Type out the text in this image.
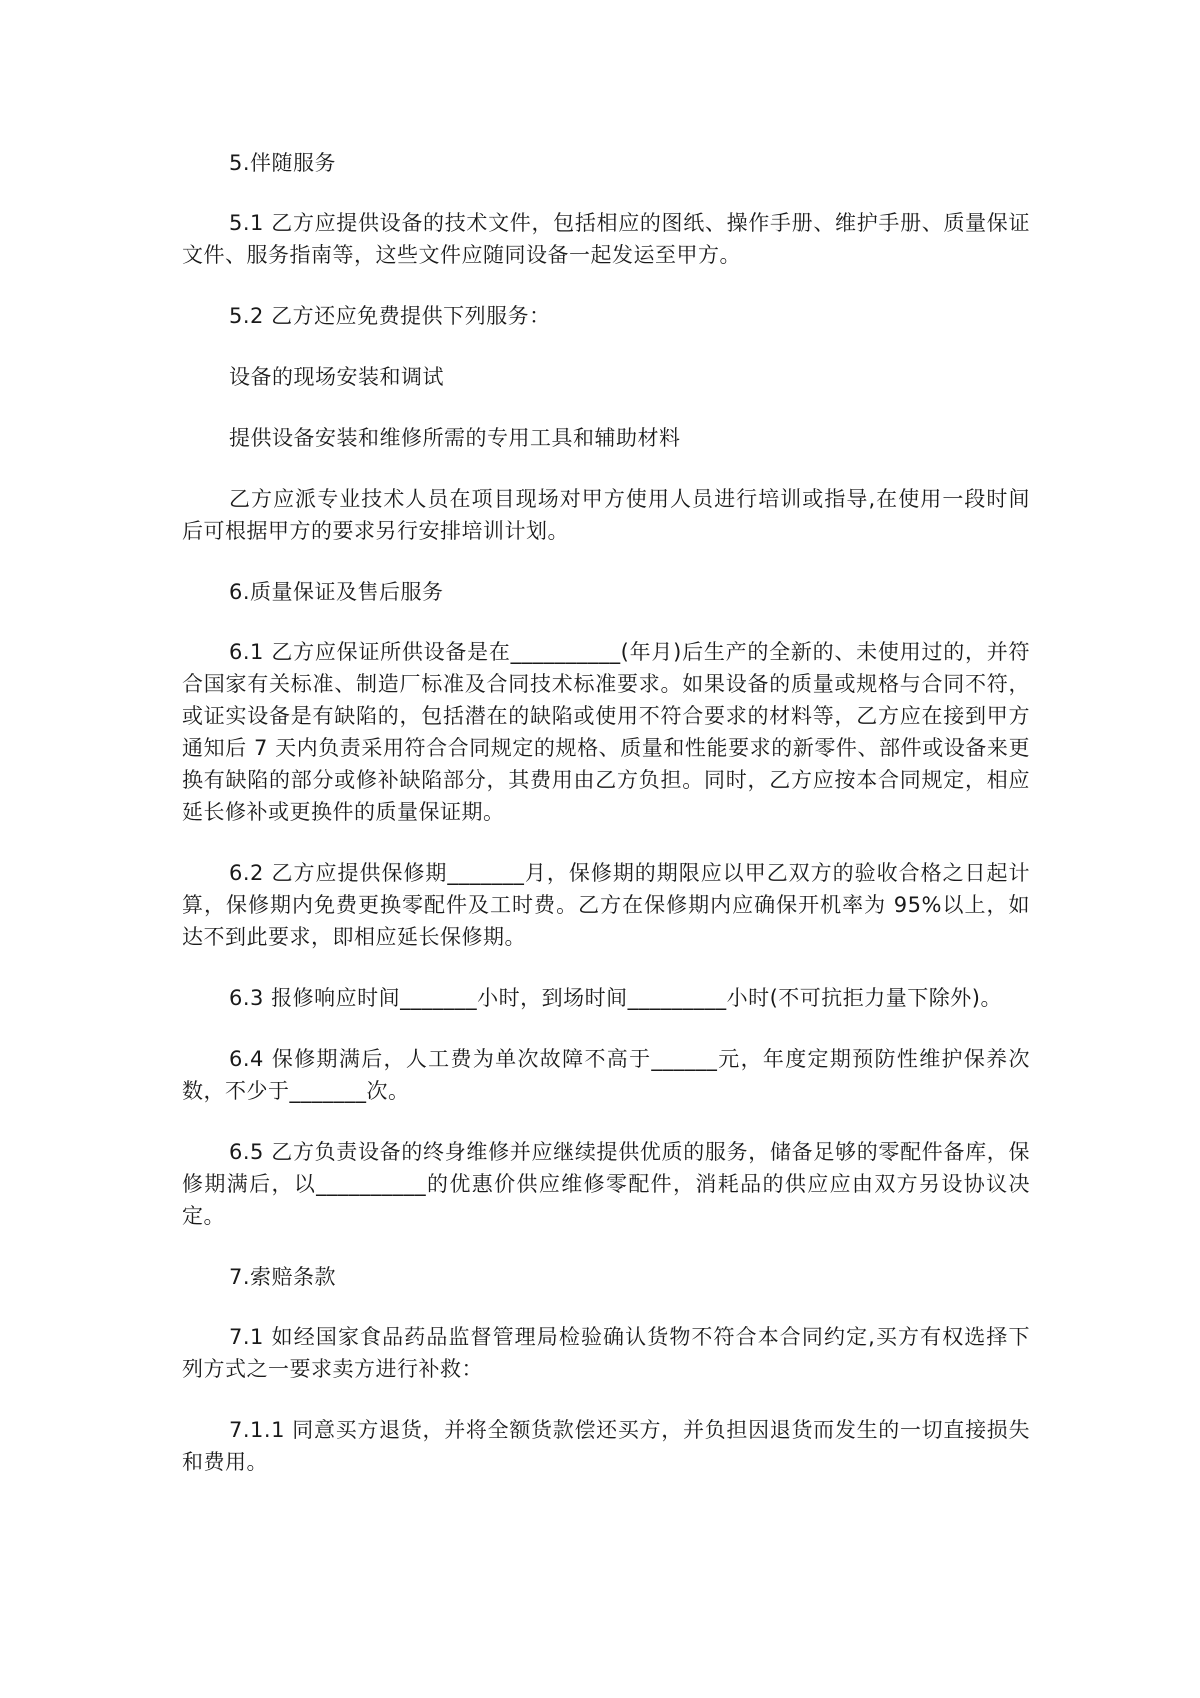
5.伴随服务

5.1 乙方应提供设备的技术文件，包括相应的图纸、操作手册、维护手册、质量保证文件、服务指南等，这些文件应随同设备一起发运至甲方。

5.2 乙方还应免费提供下列服务：

设备的现场安装和调试

提供设备安装和维修所需的专用工具和辅助材料

乙方应派专业技术人员在项目现场对甲方使用人员进行培训或指导,在使用一段时间后可根据甲方的要求另行安排培训计划。

6.质量保证及售后服务

6.1 乙方应保证所供设备是在__________(年月)后生产的全新的、未使用过的，并符合国家有关标准、制造厂标准及合同技术标准要求。如果设备的质量或规格与合同不符，或证实设备是有缺陷的，包括潜在的缺陷或使用不符合要求的材料等，乙方应在接到甲方通知后 7 天内负责采用符合合同规定的规格、质量和性能要求的新零件、部件或设备来更换有缺陷的部分或修补缺陷部分，其费用由乙方负担。同时，乙方应按本合同规定，相应延长修补或更换件的质量保证期。

6.2 乙方应提供保修期_______月，保修期的期限应以甲乙双方的验收合格之日起计算，保修期内免费更换零配件及工时费。乙方在保修期内应确保开机率为 95%以上，如达不到此要求，即相应延长保修期。

6.3 报修响应时间_______小时，到场时间_________小时(不可抗拒力量下除外)。

6.4 保修期满后，人工费为单次故障不高于______元，年度定期预防性维护保养次数，不少于_______次。

6.5 乙方负责设备的终身维修并应继续提供优质的服务，储备足够的零配件备库，保修期满后，以__________的优惠价供应维修零配件，消耗品的供应应由双方另设协议决定。

7.索赔条款

7.1 如经国家食品药品监督管理局检验确认货物不符合本合同约定,买方有权选择下列方式之一要求卖方进行补救：

7.1.1 同意买方退货，并将全额货款偿还买方，并负担因退货而发生的一切直接损失和费用。
